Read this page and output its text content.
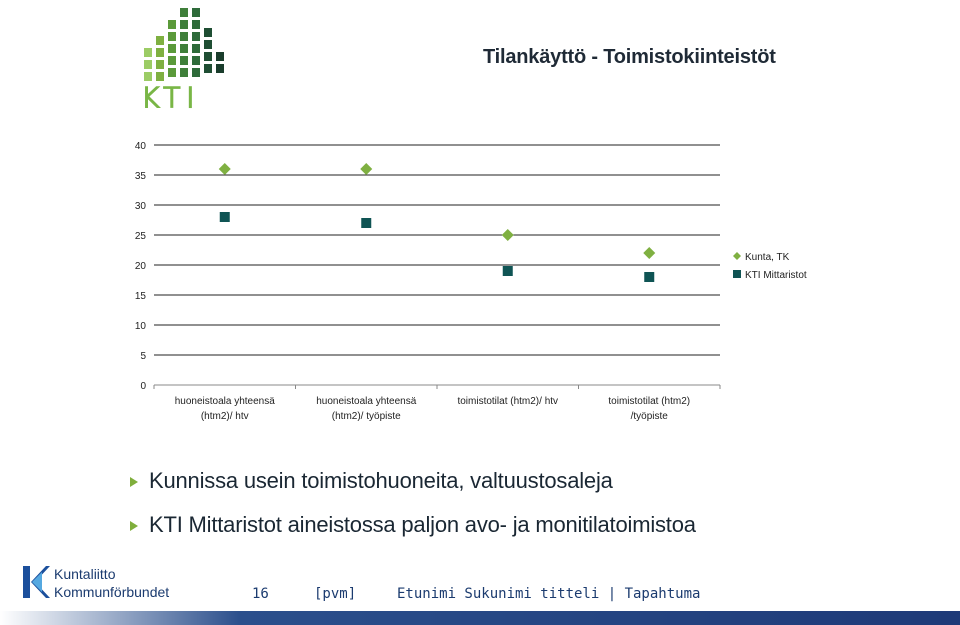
KTI
Tilankäyttö - Toimistokiinteistöt
0
5
10
15
20
25
30
35
40
huoneistoala yhteensä (htm2)/ htv
huoneistoala yhteensä (htm2)/ työpiste
toimistotilat (htm2)/ htv	toimistotilat (htm2) /työpiste
Kunta, TK
KTI Mittaristot
Kunnissa usein toimistohuoneita, valtuustosaleja
KTI Mittaristot aineistossa paljon avo- ja monitilatoimistoa
Kuntaliitto
Kommunförbundet	16	[pvm]	Etunimi Sukunimi titteli | Tapahtuma
